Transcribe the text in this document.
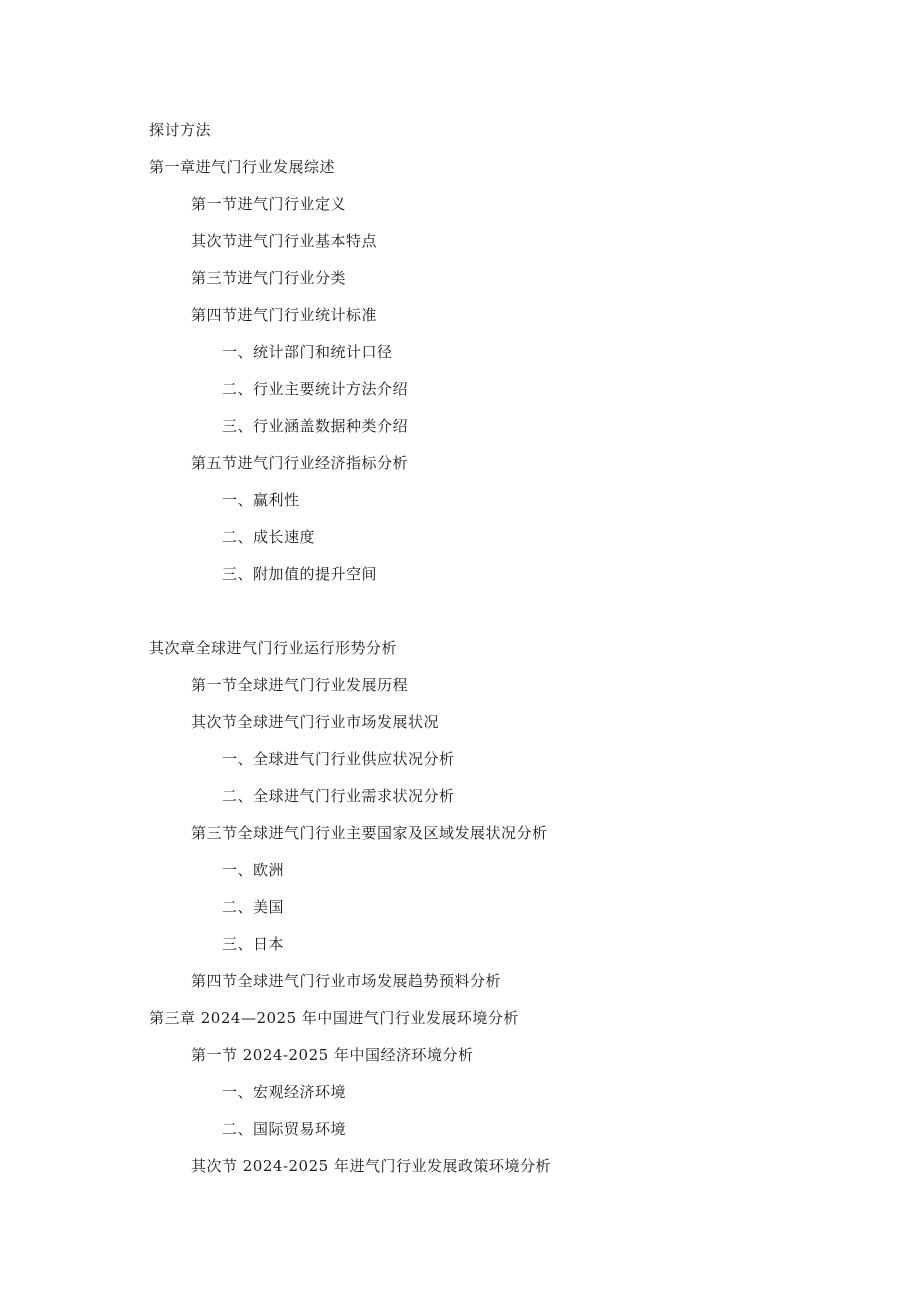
探讨方法
第一章进气门行业发展综述
第一节进气门行业定义
其次节进气门行业基本特点
第三节进气门行业分类
第四节进气门行业统计标准
一、统计部门和统计口径
二、行业主要统计方法介绍
三、行业涵盖数据种类介绍
第五节进气门行业经济指标分析
一、赢利性
二、成长速度
三、附加值的提升空间
其次章全球进气门行业运行形势分析
第一节全球进气门行业发展历程
其次节全球进气门行业市场发展状况
一、全球进气门行业供应状况分析
二、全球进气门行业需求状况分析
第三节全球进气门行业主要国家及区域发展状况分析
一、欧洲
二、美国
三、日本
第四节全球进气门行业市场发展趋势预料分析
第三章 2024—2025 年中国进气门行业发展环境分析
第一节 2024-2025 年中国经济环境分析
一、宏观经济环境
二、国际贸易环境
其次节 2024-2025 年进气门行业发展政策环境分析
